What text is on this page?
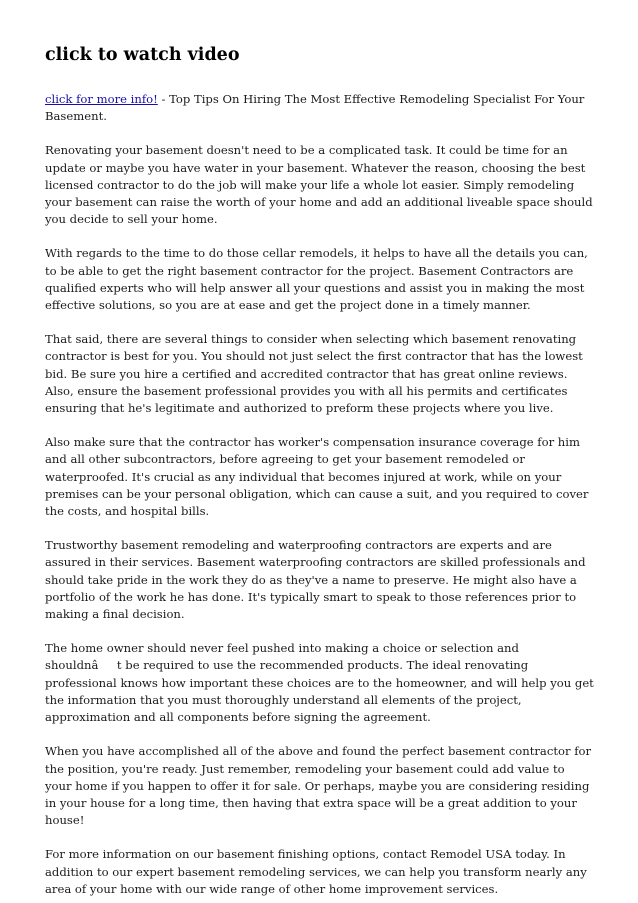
click to watch video

click for more info! - Top Tips On Hiring The Most Effective Remodeling Specialist For Your Basement.

Renovating your basement doesn't need to be a complicated task. It could be time for an update or maybe you have water in your basement. Whatever the reason, choosing the best licensed contractor to do the job will make your life a whole lot easier. Simply remodeling your basement can raise the worth of your home and add an additional liveable space should you decide to sell your home.

With regards to the time to do those cellar remodels, it helps to have all the details you can, to be able to get the right basement contractor for the project. Basement Contractors are qualified experts who will help answer all your questions and assist you in making the most effective solutions, so you are at ease and get the project done in a timely manner.

That said, there are several things to consider when selecting which basement renovating contractor is best for you. You should not just select the first contractor that has the lowest bid. Be sure you hire a certified and accredited contractor that has great online reviews. Also, ensure the basement professional provides you with all his permits and certificates ensuring that he's legitimate and authorized to preform these projects where you live.

Also make sure that the contractor has worker's compensation insurance coverage for him and all other subcontractors, before agreeing to get your basement remodeled or waterproofed. It's crucial as any individual that becomes injured at work, while on your premises can be your personal obligation, which can cause a suit, and you required to cover the costs, and hospital bills.

Trustworthy basement remodeling and waterproofing contractors are experts and are assured in their services. Basement waterproofing contractors are skilled professionals and should take pride in the work they do as they've a name to preserve. He might also have a portfolio of the work he has done. It's typically smart to speak to those references prior to making a final decision.

The home owner should never feel pushed into making a choice or selection and shouldnât be required to use the recommended products. The ideal renovating professional knows how important these choices are to the homeowner, and will help you get the information that you must thoroughly understand all elements of the project, approximation and all components before signing the agreement.

When you have accomplished all of the above and found the perfect basement contractor for the position, you're ready. Just remember, remodeling your basement could add value to your home if you happen to offer it for sale. Or perhaps, maybe you are considering residing in your house for a long time, then having that extra space will be a great addition to your house!

For more information on our basement finishing options, contact Remodel USA today. In addition to our expert basement remodeling services, we can help you transform nearly any area of your home with our wide range of other home improvement services.
